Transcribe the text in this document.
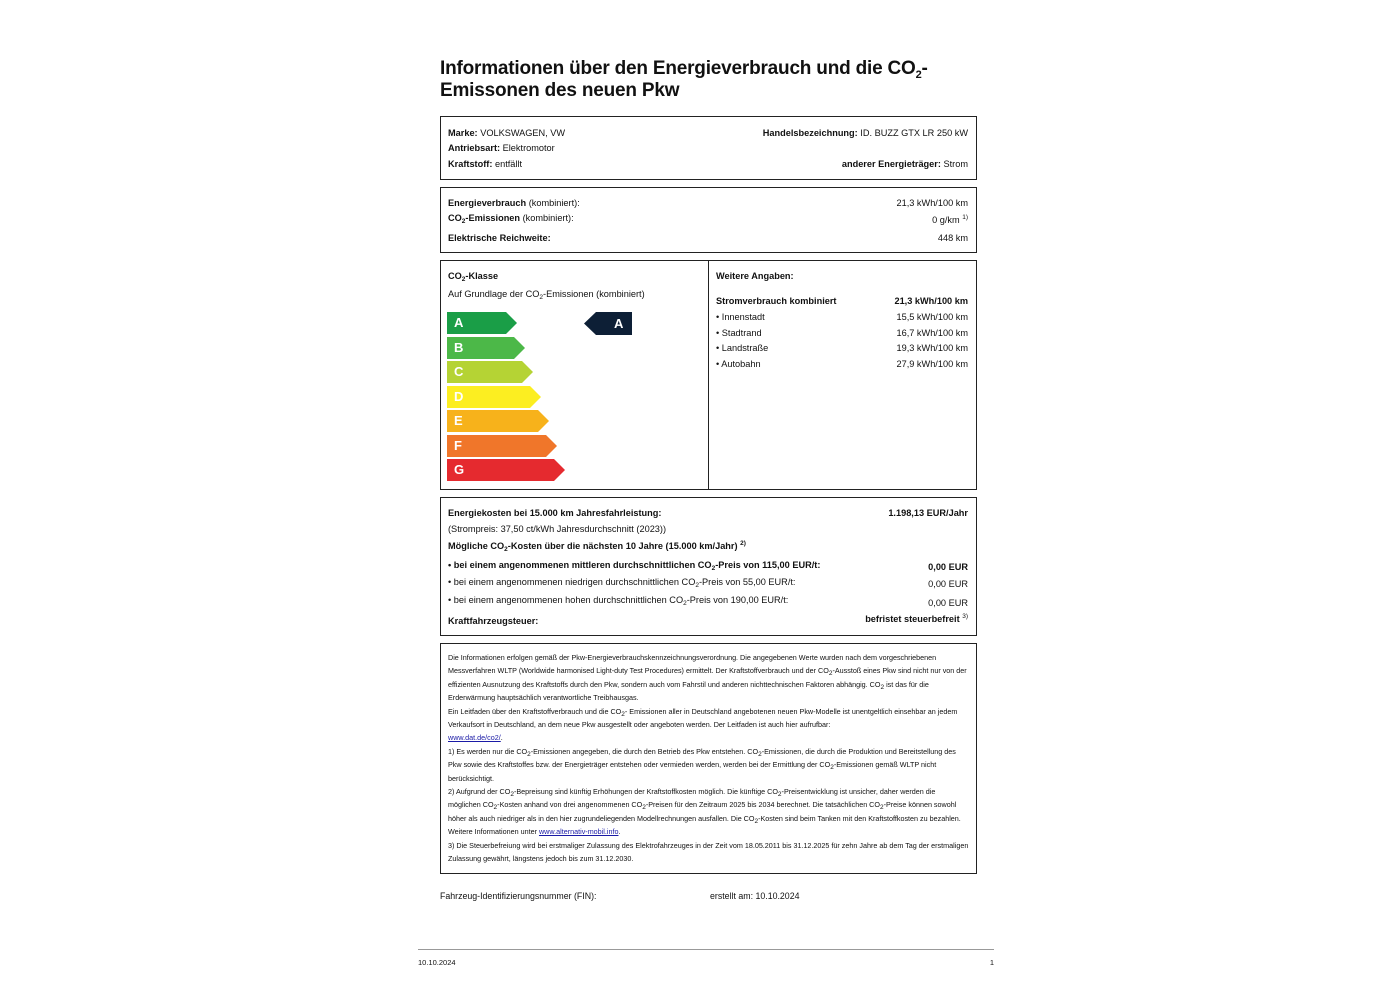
Informationen über den Energieverbrauch und die $CO_2-$
Emissonen des neuen Pkw
Marke: VOLKSWAGEN, VW	Handelsbezeichnung: ID. BUZZ GTX LR 250 kW
Antriebsart: Elektromotor
Kraftstoff: entfällt	anderer Energieträger: Strom
Energieverbrauch (kombiniert):	21,3 kWh/100 km
$CO_2$-Emissionen (kombiniert):	0 g/km $^{1)}$
Elektrische Reichweite:	448 km
$CO_2$-Klasse
Auf Grundlage der $CO_2$-Emissionen (kombiniert)
A
B
C
D
E
F
G
A
Weitere Angaben:
Stromverbrauch kombiniert	21,3 kWh/100 km
• Innenstadt	15,5 kWh/100 km
• Stadtrand	16,7 kWh/100 km
• Landstraße	19,3 kWh/100 km
• Autobahn	27,9 kWh/100 km
Energiekosten bei 15.000 km Jahresfahrleistung:	1.198,13 EUR/Jahr
(Strompreis: 37,50 ct/kWh Jahresdurchschnitt (2023))
Mögliche $CO_2$-Kosten über die nächsten 10 Jahre (15.000 km/Jahr) $^{2)}$
• bei einem angenommenen mittleren durchschnittlichen $CO_2$-Preis von 115,00 EUR/t:	0,00 EUR
• bei einem angenommenen niedrigen durchschnittlichen $CO_2$-Preis von 55,00 EUR/t:	0,00 EUR
• bei einem angenommenen hohen durchschnittlichen $CO_2$-Preis von 190,00 EUR/t:	0,00 EUR
Kraftfahrzeugsteuer:	befristet steuerbefreit $^{3)}$

Die Informationen erfolgen gemäß der Pkw-Energieverbrauchskennzeichnungsverordnung. Die angegebenen Werte wurden nach dem vorgeschriebenen Messverfahren WLTP (Worldwide harmonised Light-duty Test Procedures) ermittelt. Der Kraftstoffverbrauch und der $CO_2$-Ausstoß eines Pkw sind nicht nur von der effizienten Ausnutzung des Kraftstoffs durch den Pkw, sondern auch vom Fahrstil und anderen nichttechnischen Faktoren abhängig. $CO_2$ ist das für die Erderwärmung hauptsächlich verantwortliche Treibhausgas.

Ein Leitfaden über den Kraftstoffverbrauch und die $CO_2-$ Emissionen aller in Deutschland angebotenen neuen Pkw-Modelle ist unentgeltlich einsehbar an jedem Verkaufsort in Deutschland, an dem neue Pkw ausgestellt oder angeboten werden. Der Leitfaden ist auch hier aufrufbar:
www.dat.de/co2/.

1) Es werden nur die $CO_2$-Emissionen angegeben, die durch den Betrieb des Pkw entstehen. $CO_2$-Emissionen, die durch die Produktion und Bereitstellung des Pkw sowie des Kraftstoffes bzw. der Energieträger entstehen oder vermieden werden, werden bei der Ermittlung der $CO_2$-Emissionen gemäß WLTP nicht berücksichtigt.

2) Aufgrund der $CO_2$-Bepreisung sind künftig Erhöhungen der Kraftstoffkosten möglich. Die künftige $CO_2$-Preisentwicklung ist unsicher, daher werden die möglichen $CO_2$-Kosten anhand von drei angenommenen $CO_2$-Preisen für den Zeitraum 2025 bis 2034 berechnet. Die tatsächlichen $CO_2$-Preise können sowohl höher als auch niedriger als in den hier zugrundeliegenden Modellrechnungen ausfallen. Die $CO_2$-Kosten sind beim Tanken mit den Kraftstoffkosten zu bezahlen. Weitere Informationen unter www.alternativ-mobil.info.

3) Die Steuerbefreiung wird bei erstmaliger Zulassung des Elektrofahrzeuges in der Zeit vom 18.05.2011 bis 31.12.2025 für zehn Jahre ab dem Tag der erstmaligen Zulassung gewährt, längstens jedoch bis zum 31.12.2030.

Fahrzeug-Identifizierungsnummer (FIN):	erstellt am: 10.10.2024
10.10.2024	1
